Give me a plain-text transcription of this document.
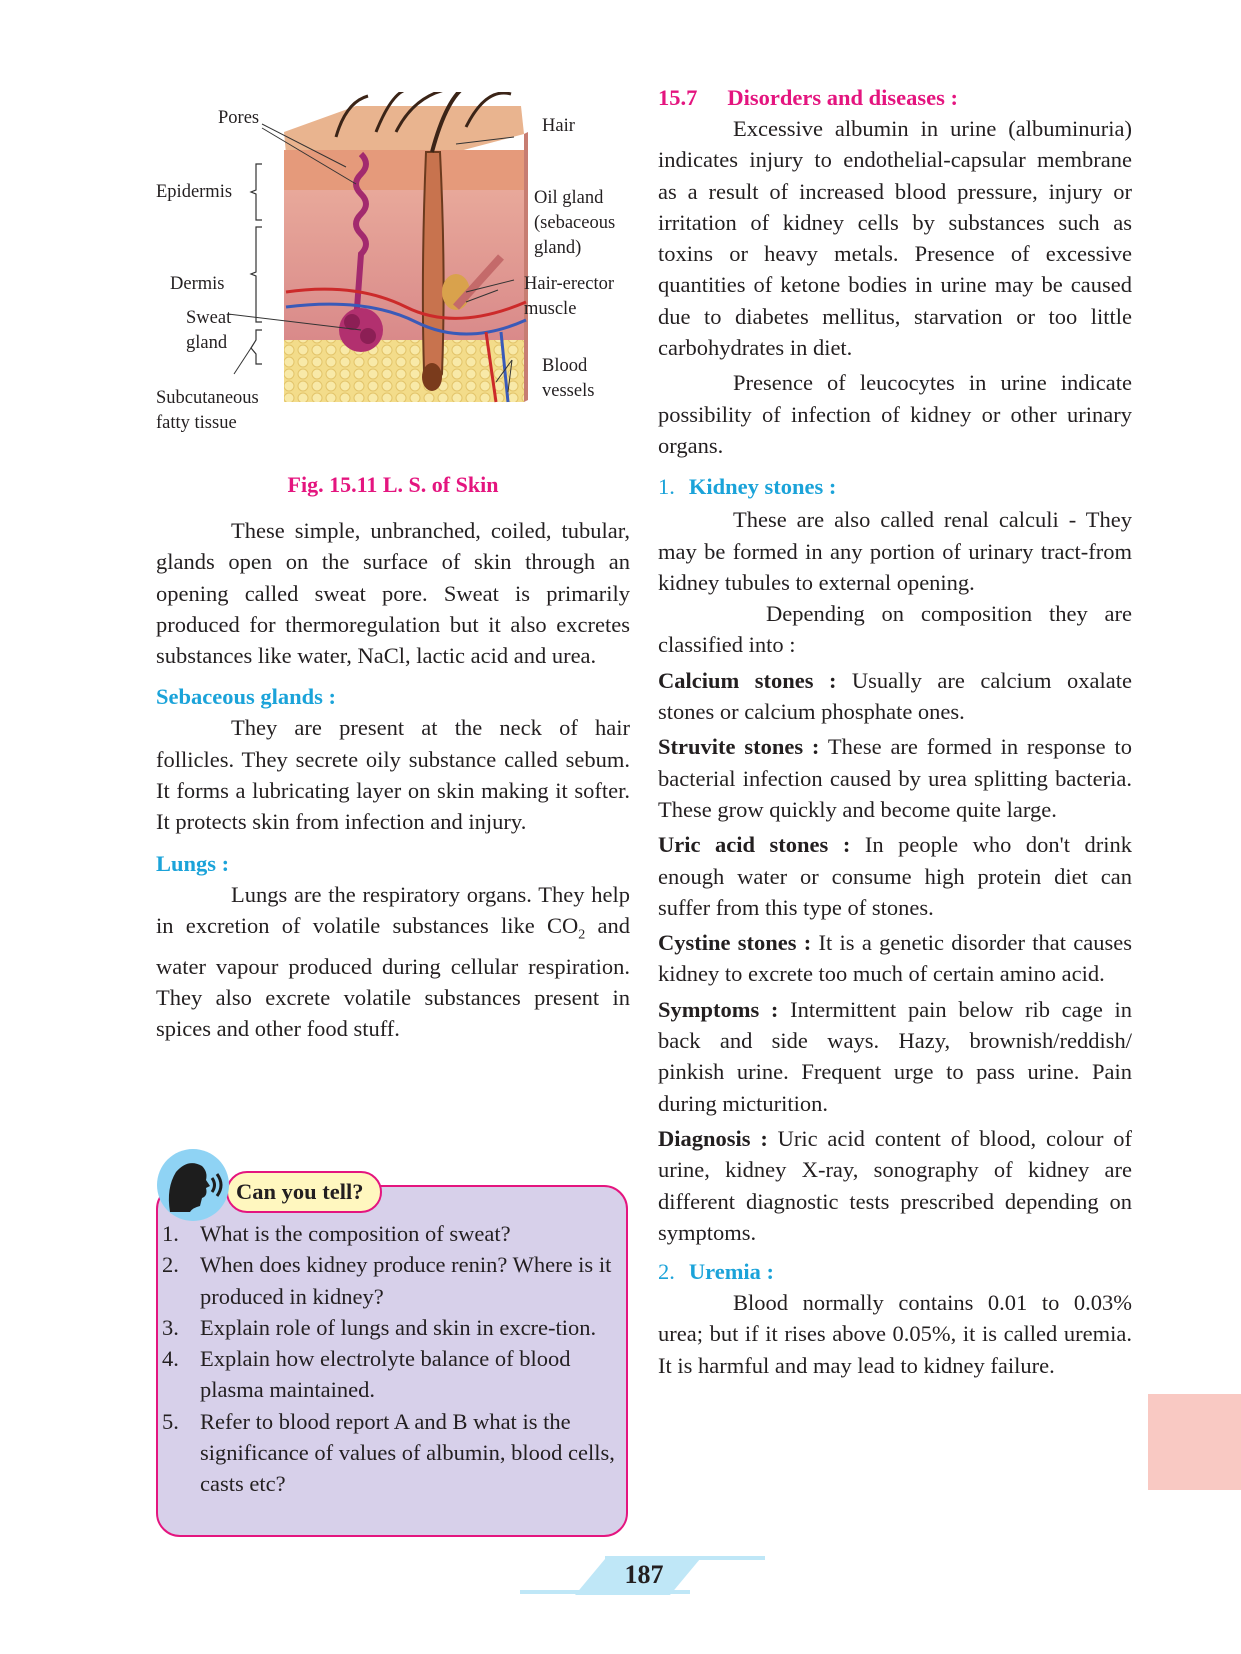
Pores	Hair
Epidermis	Oil gland
(sebaceous
gland)
Dermis	Hair-erector
muscle
Sweat
gland
Blood
vessels
Subcutaneous
fatty tissue
Fig. 15.11 L. S. of Skin

These simple, unbranched, coiled, tubular, glands open on the surface of skin through an opening called sweat pore. Sweat is primarily produced for thermoregulation but it also excretes substances like water, NaCl, lactic acid and urea.

Sebaceous glands :

They are present at the neck of hair follicles. They secrete oily substance called sebum. It forms a lubricating layer on skin making it softer. It protects skin from infection and injury.

Lungs :

Lungs are the respiratory organs. They help in excretion of volatile substances like $CO_2$ and water vapour produced during cellular respiration. They also excrete volatile substances present in spices and other food stuff.

Can you tell?
1. What is the composition of sweat?
2. When does kidney produce renin? Where is it produced in kidney?
3. Explain role of lungs and skin in excre-tion.
4. Explain how electrolyte balance of blood plasma maintained.
5. Refer to blood report A and B what is the significance of values of albumin, blood cells, casts etc?
15.7 Disorders and diseases :

Excessive albumin in urine (albuminuria) indicates injury to endothelial-capsular membrane as a result of increased blood pressure, injury or irritation of kidney cells by substances such as toxins or heavy metals. Presence of excessive quantities of ketone bodies in urine may be caused due to diabetes mellitus, starvation or too little carbohydrates in diet.

Presence of leucocytes in urine indicate possibility of infection of kidney or other urinary organs.

1. Kidney stones :

These are also called renal calculi - They may be formed in any portion of urinary tract-from kidney tubules to external opening.

Depending on composition they are classified into :

Calcium stones : Usually are calcium oxalate stones or calcium phosphate ones.

Struvite stones : These are formed in response to bacterial infection caused by urea splitting bacteria. These grow quickly and become quite large.

Uric acid stones : In people who don't drink enough water or consume high protein diet can suffer from this type of stones.

Cystine stones : It is a genetic disorder that causes kidney to excrete too much of certain amino acid.

Symptoms : Intermittent pain below rib cage in back and side ways. Hazy, brownish/reddish/ pinkish urine. Frequent urge to pass urine. Pain during micturition.

Diagnosis : Uric acid content of blood, colour of urine, kidney X-ray, sonography of kidney are different diagnostic tests prescribed depending on symptoms.

2. Uremia :

Blood normally contains 0.01 to 0.03% urea; but if it rises above 0.05%, it is called uremia. It is harmful and may lead to kidney failure.

187
